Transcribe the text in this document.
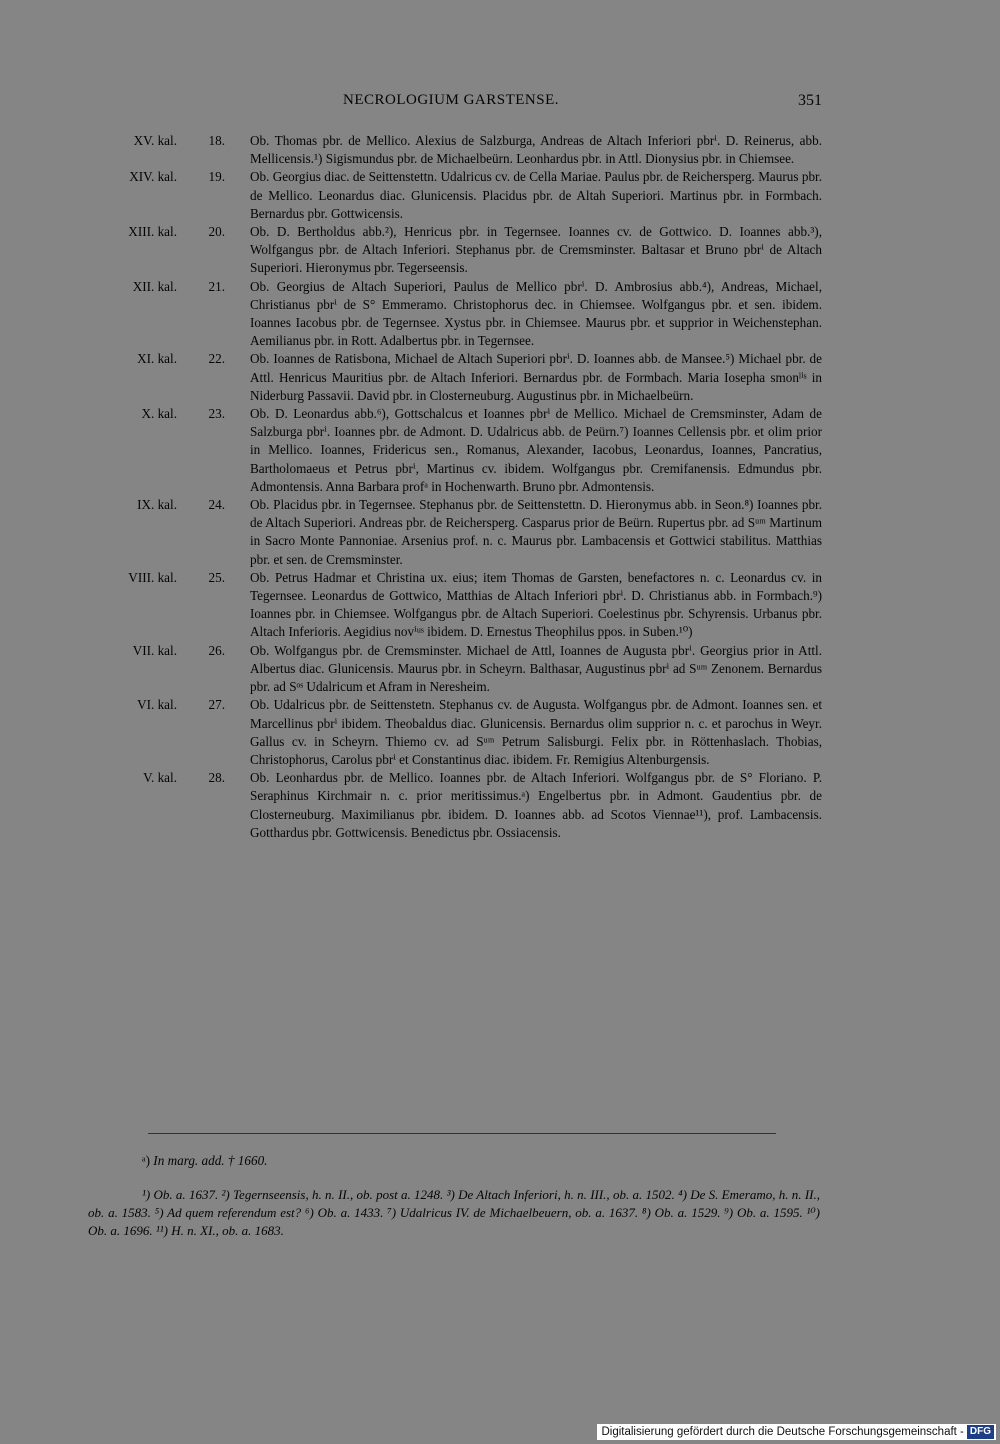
NECROLOGIUM GARSTENSE.	351
XV. kal.	18.	Ob. Thomas pbr. de Mellico. Alexius de Salzburga, Andreas de Altach Inferiori pbrⁱ. D. Reinerus, abb. Mellicensis.¹) Sigismundus pbr. de Michaelbeürn. Leonhardus pbr. in Attl. Dionysius pbr. in Chiemsee.
XIV. kal.	19.	Ob. Georgius diac. de Seittenstettn. Udalricus cv. de Cella Mariae. Paulus pbr. de Reichersperg. Maurus pbr. de Mellico. Leonardus diac. Glunicensis. Placidus pbr. de Altah Superiori. Martinus pbr. in Formbach. Bernardus pbr. Gottwicensis.
XIII. kal.	20.	Ob. D. Bertholdus abb.²), Henricus pbr. in Tegernsee. Ioannes cv. de Gottwico. D. Ioannes abb.³), Wolfgangus pbr. de Altach Inferiori. Stephanus pbr. de Cremsminster. Baltasar et Bruno pbrⁱ de Altach Superiori. Hieronymus pbr. Tegerseensis.
XII. kal.	21.	Ob. Georgius de Altach Superiori, Paulus de Mellico pbrⁱ. D. Ambrosius abb.⁴), Andreas, Michael, Christianus pbrⁱ de S° Emmeramo. Christophorus dec. in Chiemsee. Wolfgangus pbr. et sen. ibidem. Ioannes Iacobus pbr. de Tegernsee. Xystus pbr. in Chiemsee. Maurus pbr. et supprior in Weichenstephan. Aemilianus pbr. in Rott. Adalbertus pbr. in Tegernsee.
XI. kal.	22.	Ob. Ioannes de Ratisbona, Michael de Altach Superiori pbrⁱ. D. Ioannes abb. de Mansee.⁵) Michael pbr. de Attl. Henricus Mauritius pbr. de Altach Inferiori. Bernardus pbr. de Formbach. Maria Iosepha smonˡⁱˢ in Niderburg Passavii. David pbr. in Closterneuburg. Augustinus pbr. in Michaelbeürn.
X. kal.	23.	Ob. D. Leonardus abb.⁶), Gottschalcus et Ioannes pbrⁱ de Mellico. Michael de Cremsminster, Adam de Salzburga pbrⁱ. Ioannes pbr. de Admont. D. Udalricus abb. de Peürn.⁷) Ioannes Cellensis pbr. et olim prior in Mellico. Ioannes, Fridericus sen., Romanus, Alexander, Iacobus, Leonardus, Ioannes, Pancratius, Bartholomaeus et Petrus pbrⁱ, Martinus cv. ibidem. Wolfgangus pbr. Cremifanensis. Edmundus pbr. Admontensis. Anna Barbara profᵃ in Hochenwarth. Bruno pbr. Admontensis.
IX. kal.	24.	Ob. Placidus pbr. in Tegernsee. Stephanus pbr. de Seittenstettn. D. Hieronymus abb. in Seon.⁸) Ioannes pbr. de Altach Superiori. Andreas pbr. de Reichersperg. Casparus prior de Beürn. Rupertus pbr. ad Sᵘᵐ Martinum in Sacro Monte Pannoniae. Arsenius prof. n. c. Maurus pbr. Lambacensis et Gottwici stabilitus. Matthias pbr. et sen. de Cremsminster.
VIII. kal.	25.	Ob. Petrus Hadmar et Christina ux. eius; item Thomas de Garsten, benefactores n. c. Leonardus cv. in Tegernsee. Leonardus de Gottwico, Matthias de Altach Inferiori pbrⁱ. D. Christianus abb. in Formbach.⁹) Ioannes pbr. in Chiemsee. Wolfgangus pbr. de Altach Superiori. Coelestinus pbr. Schyrensis. Urbanus pbr. Altach Inferioris. Aegidius novⁱᵘˢ ibidem. D. Ernestus Theophilus ppos. in Suben.¹⁰)
VII. kal.	26.	Ob. Wolfgangus pbr. de Cremsminster. Michael de Attl, Ioannes de Augusta pbrⁱ. Georgius prior in Attl. Albertus diac. Glunicensis. Maurus pbr. in Scheyrn. Balthasar, Augustinus pbrⁱ ad Sᵘᵐ Zenonem. Bernardus pbr. ad Sᵒˢ Udalricum et Afram in Neresheim.
VI. kal.	27.	Ob. Udalricus pbr. de Seittenstetn. Stephanus cv. de Augusta. Wolfgangus pbr. de Admont. Ioannes sen. et Marcellinus pbrⁱ ibidem. Theobaldus diac. Glunicensis. Bernardus olim supprior n. c. et parochus in Weyr. Gallus cv. in Scheyrn. Thiemo cv. ad Sᵘᵐ Petrum Salisburgi. Felix pbr. in Röttenhaslach. Thobias, Christophorus, Carolus pbrⁱ et Constantinus diac. ibidem. Fr. Remigius Altenburgensis.
V. kal.	28.	Ob. Leonhardus pbr. de Mellico. Ioannes pbr. de Altach Inferiori. Wolfgangus pbr. de S° Floriano. P. Seraphinus Kirchmair n. c. prior meritissimus.ᵃ) Engelbertus pbr. in Admont. Gaudentius pbr. de Closterneuburg. Maximilianus pbr. ibidem. D. Ioannes abb. ad Scotos Viennae¹¹), prof. Lambacensis. Gotthardus pbr. Gottwicensis. Benedictus pbr. Ossiacensis.
ᵃ) In marg. add. † 1660.
¹) Ob. a. 1637. ²) Tegernseensis, h. n. II., ob. post a. 1248. ³) De Altach Inferiori, h. n. III., ob. a. 1502. ⁴) De S. Emeramo, h. n. II., ob. a. 1583. ⁵) Ad quem referendum est? ⁶) Ob. a. 1433. ⁷) Udalricus IV. de Michaelbeuern, ob. a. 1637. ⁸) Ob. a. 1529. ⁹) Ob. a. 1595. ¹⁰) Ob. a. 1696. ¹¹) H. n. XI., ob. a. 1683.
Digitalisierung gefördert durch die Deutsche Forschungsgemeinschaft - DFG
